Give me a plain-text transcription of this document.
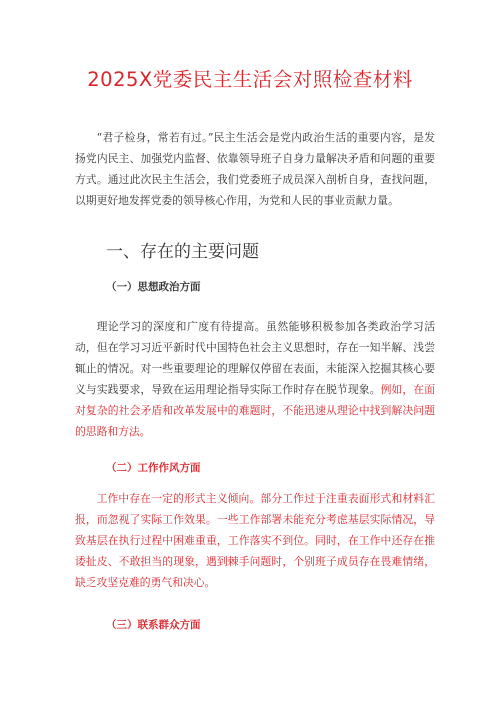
2025X党委民主生活会对照检查材料

“君子检身，常若有过。”民主生活会是党内政治生活的重要内容，是发扬党内民主、加强党内监督、依靠领导班子自身力量解决矛盾和问题的重要方式。通过此次民主生活会，我们党委班子成员深入剖析自身，查找问题，以期更好地发挥党委的领导核心作用，为党和人民的事业贡献力量。

一、存在的主要问题
（一）思想政治方面

理论学习的深度和广度有待提高。虽然能够积极参加各类政治学习活动，但在学习习近平新时代中国特色社会主义思想时，存在一知半解、浅尝辄止的情况。对一些重要理论的理解仅停留在表面，未能深入挖掘其核心要义与实践要求，导致在运用理论指导实际工作时存在脱节现象。例如，在面对复杂的社会矛盾和改革发展中的难题时，不能迅速从理论中找到解决问题的思路和方法。

（二）工作作风方面

工作中存在一定的形式主义倾向。部分工作过于注重表面形式和材料汇报，而忽视了实际工作效果。一些工作部署未能充分考虑基层实际情况，导致基层在执行过程中困难重重，工作落实不到位。同时，在工作中还存在推诿扯皮、不敢担当的现象，遇到棘手问题时，个别班子成员存在畏难情绪，缺乏攻坚克难的勇气和决心。

（三）联系群众方面
